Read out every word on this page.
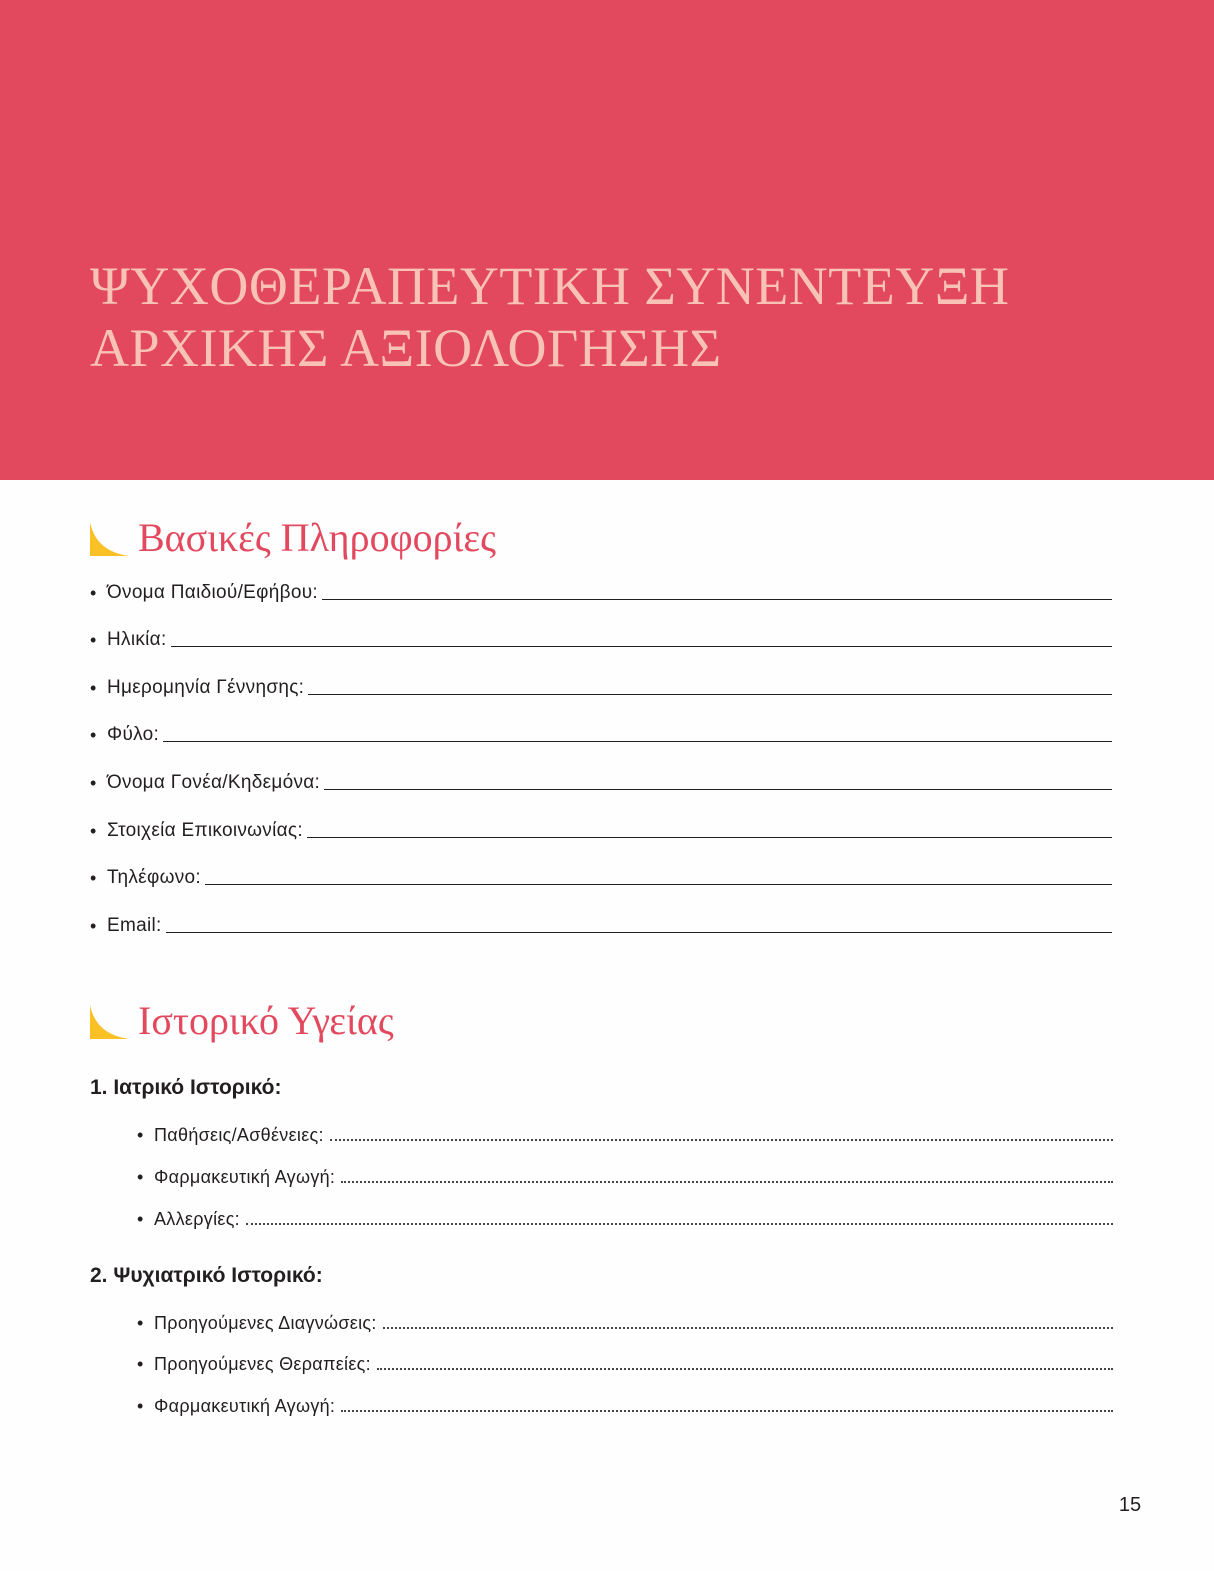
ΨΥΧΟΘΕΡΑΠΕΥΤΙΚΗ ΣΥΝΕΝΤΕΥΞΗ
ΑΡΧΙΚΗΣ ΑΞΙΟΛΟΓΗΣΗΣ
Βασικές Πληροφορίες
• Όνομα Παιδιού/Εφήβου:
• Ηλικία:
• Ημερομηνία Γέννησης:
• Φύλο:
• Όνομα Γονέα/Κηδεμόνα:
• Στοιχεία Επικοινωνίας:
• Τηλέφωνο:
• Email:
Ιστορικό Υγείας
1. Ιατρικό Ιστορικό:
• Παθήσεις/Ασθένειες:
• Φαρμακευτική Αγωγή:
• Αλλεργίες:
2. Ψυχιατρικό Ιστορικό:
• Προηγούμενες Διαγνώσεις:
• Προηγούμενες Θεραπείες:
• Φαρμακευτική Αγωγή:
15
